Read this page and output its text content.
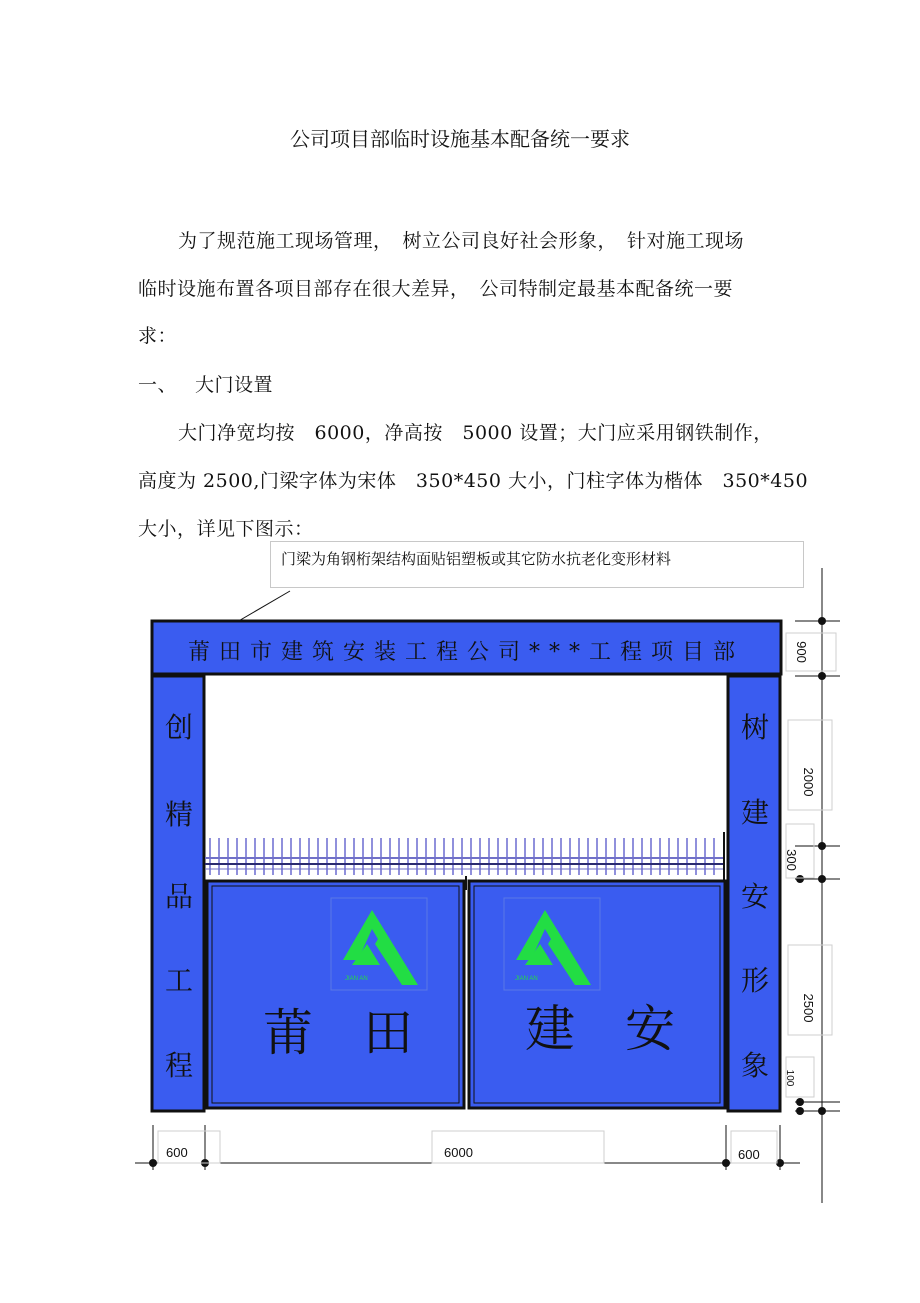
公司项目部临时设施基本配备统一要求
为了规范施工现场管理，　树立公司良好社会形象，　针对施工现场
临时设施布置各项目部存在很大差异，　公司特制定最基本配备统一要
求：
一、 大门设置
大门净宽均按　6000，净高按　5000 设置；大门应采用钢铁制作，
高度为 2500,门梁字体为宋体　350*450 大小，门柱字体为楷体　350*450
大小，详见下图示：
门梁为角钢桁架结构面贴铝塑板或其它防水抗老化变形材料
莆田市建筑安装工程公司***工程项目部
创
精
品
工
程
树
建
安
形
象
JIAN AN	JIAN AN
莆　田 建　安
600	6000	600
900
2000
300
2500
100
